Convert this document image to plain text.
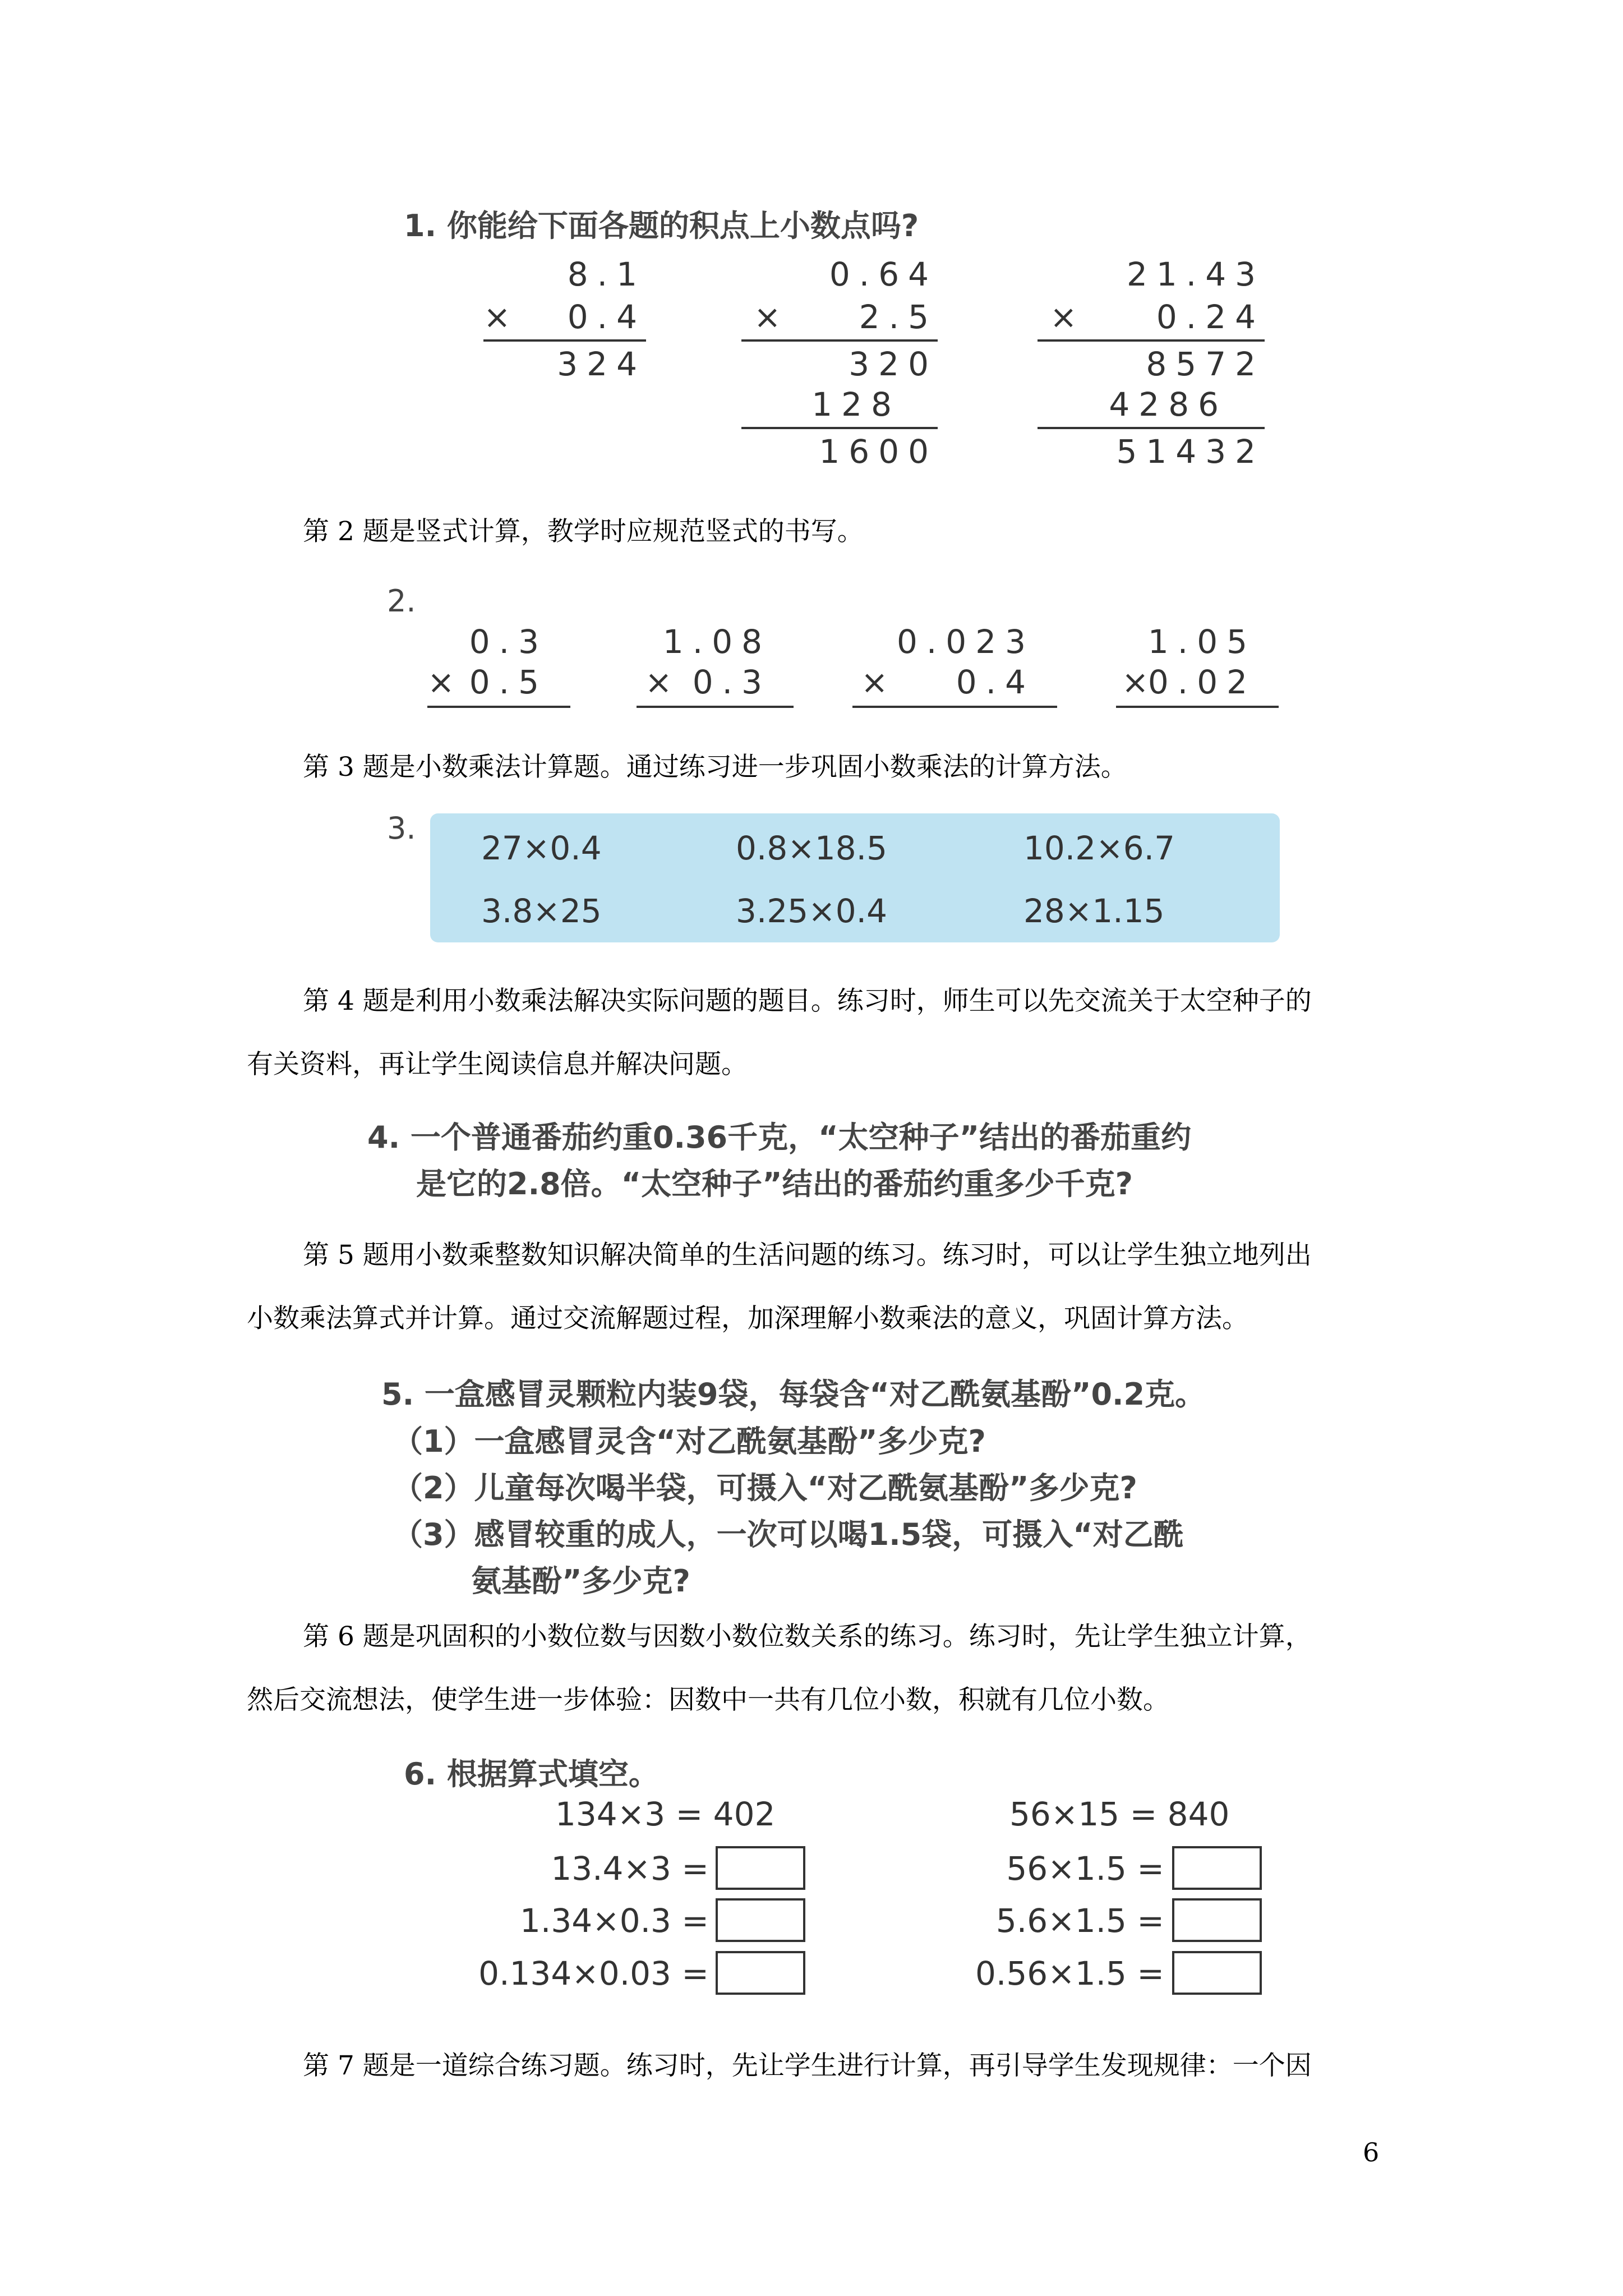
1. 你能给下面各题的积点上小数点吗?
8.1
× 0.4
324
0.64
× 2.5
320
128
1600
21.43
× 0.24
8572
4286
51432
第 2 题是竖式计算，教学时应规范竖式的书写。
2.
0.3
× 0.5
1.08
× 0.3
0.023
× 0.4
1.05
×
0.02
第 3 题是小数乘法计算题。通过练习进一步巩固小数乘法的计算方法。
3.
27×0.4	0.8×18.5	10.2×6.7
3.8×25	3.25×0.4	28×1.15
第 4 题是利用小数乘法解决实际问题的题目。练习时，师生可以先交流关于太空种子的
有关资料，再让学生阅读信息并解决问题。
4. 一个普通番茄约重0.36千克，“太空种子”结出的番茄重约
是它的2.8倍。“太空种子”结出的番茄约重多少千克?
第 5 题用小数乘整数知识解决简单的生活问题的练习。练习时，可以让学生独立地列出
小数乘法算式并计算。通过交流解题过程，加深理解小数乘法的意义，巩固计算方法。
5. 一盒感冒灵颗粒内装9袋，每袋含“对乙酰氨基酚”0.2克。
（1）一盒感冒灵含“对乙酰氨基酚”多少克?
（2）儿童每次喝半袋，可摄入“对乙酰氨基酚”多少克?
（3）感冒较重的成人，一次可以喝1.5袋，可摄入“对乙酰
氨基酚”多少克?
第 6 题是巩固积的小数位数与因数小数位数关系的练习。练习时，先让学生独立计算，
然后交流想法，使学生进一步体验：因数中一共有几位小数，积就有几位小数。
6. 根据算式填空。
134×3 = 402
13.4×3 =
1.34×0.3 =
0.134×0.03 =
56×15 = 840
56×1.5 =
5.6×1.5 =
0.56×1.5 =
第 7 题是一道综合练习题。练习时，先让学生进行计算，再引导学生发现规律：一个因
6
